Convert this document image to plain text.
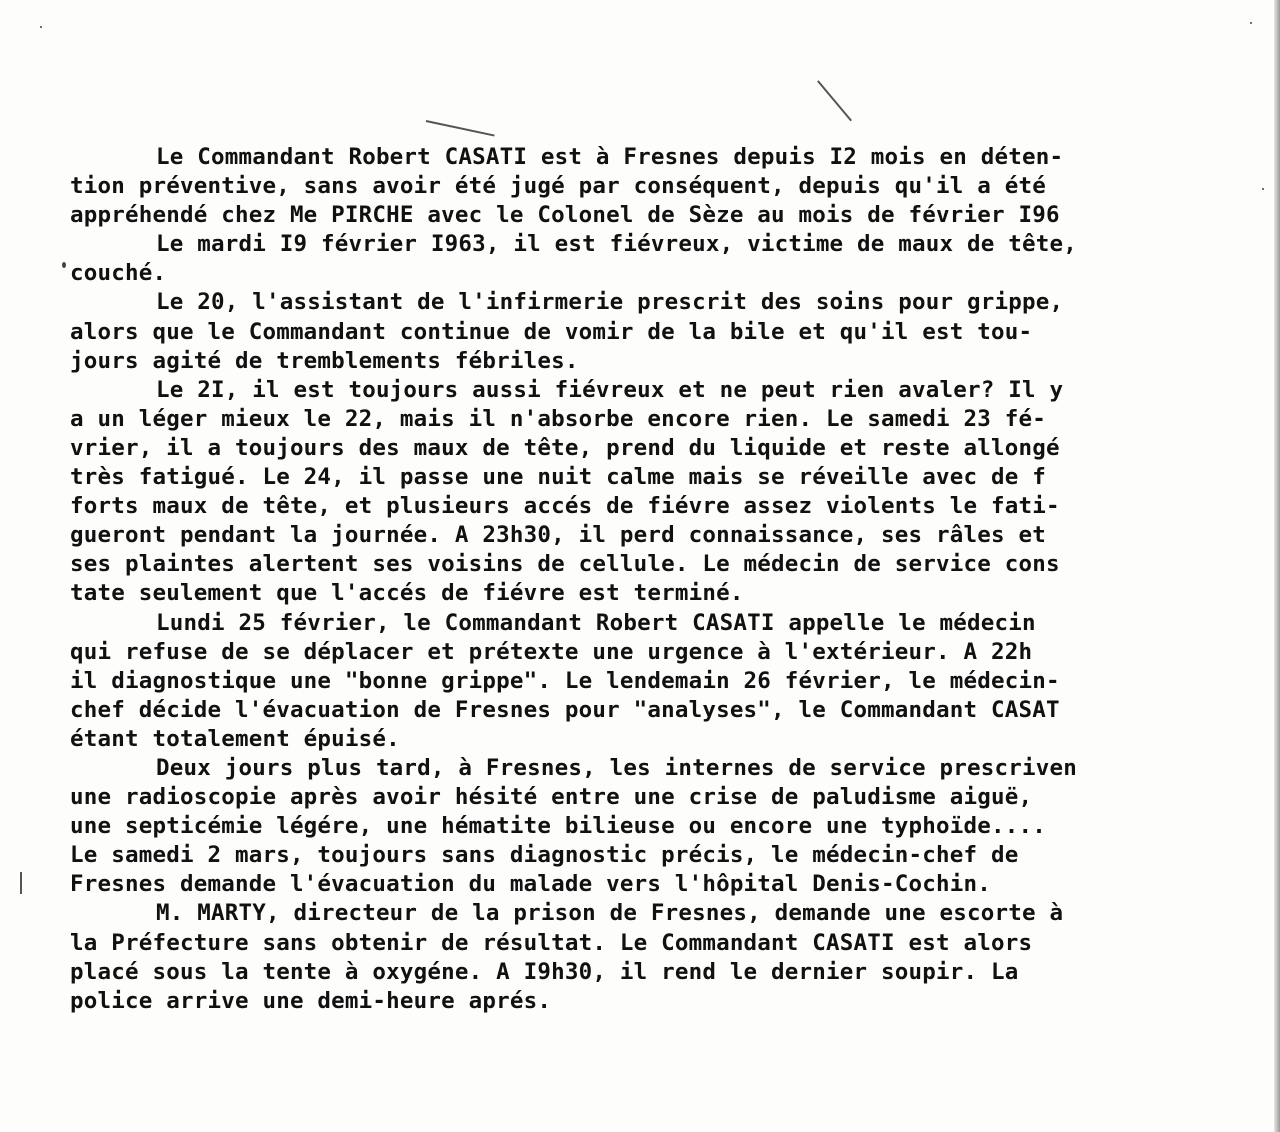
Le Commandant Robert CASATI est à Fresnes depuis I2 mois en déten-
tion préventive, sans avoir été jugé par conséquent, depuis qu'il a été
appréhendé chez Me PIRCHE avec le Colonel de Sèze au mois de février I96
Le mardi I9 février I963, il est fiévreux, victime de maux de tête,
couché.
Le 20, l'assistant de l'infirmerie prescrit des soins pour grippe,
alors que le Commandant continue de vomir de la bile et qu'il est tou-
jours agité de tremblements fébriles.
Le 2I, il est toujours aussi fiévreux et ne peut rien avaler? Il y
a un léger mieux le 22, mais il n'absorbe encore rien. Le samedi 23 fé-
vrier, il a toujours des maux de tête, prend du liquide et reste allongé
très fatigué. Le 24, il passe une nuit calme mais se réveille avec de f
forts maux de tête, et plusieurs accés de fiévre assez violents le fati-
gueront pendant la journée. A 23h30, il perd connaissance, ses râles et
ses plaintes alertent ses voisins de cellule. Le médecin de service cons
tate seulement que l'accés de fiévre est terminé.
Lundi 25 février, le Commandant Robert CASATI appelle le médecin
qui refuse de se déplacer et prétexte une urgence à l'extérieur. A 22h
il diagnostique une "bonne grippe". Le lendemain 26 février, le médecin-
chef décide l'évacuation de Fresnes pour "analyses", le Commandant CASAT
étant totalement épuisé.
Deux jours plus tard, à Fresnes, les internes de service prescriven
une radioscopie après avoir hésité entre une crise de paludisme aiguë,
une septicémie légére, une hématite bilieuse ou encore une typhoïde....
Le samedi 2 mars, toujours sans diagnostic précis, le médecin-chef de
Fresnes demande l'évacuation du malade vers l'hôpital Denis-Cochin.
M. MARTY, directeur de la prison de Fresnes, demande une escorte à
la Préfecture sans obtenir de résultat. Le Commandant CASATI est alors
placé sous la tente à oxygéne. A I9h30, il rend le dernier soupir. La
police arrive une demi-heure aprés.
